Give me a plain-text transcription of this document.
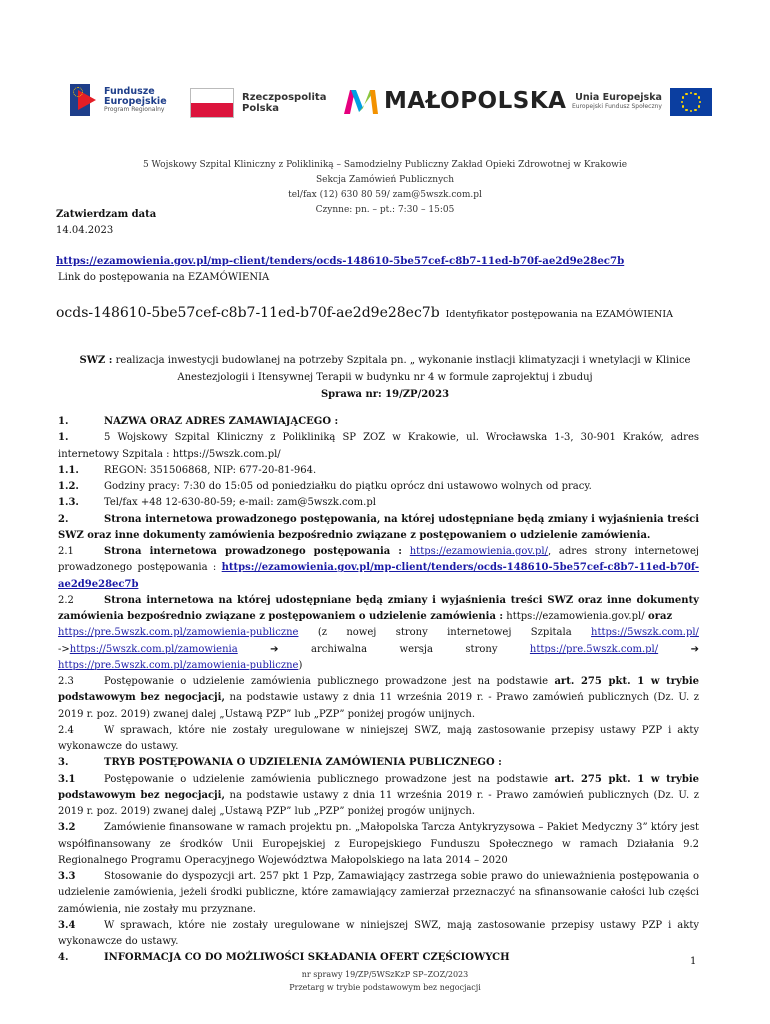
Fundusze
Europejskie
Program Regionalny
Rzeczpospolita
Polska	MAŁOPOLSKA Unia Europejska
Europejski Fundusz Społeczny
5 Wojskowy Szpital Kliniczny z Polikliniką – Samodzielny Publiczny Zakład Opieki Zdrowotnej w Krakowie
Sekcja Zamówień Publicznych
tel/fax (12) 630 80 59/ zam@5wszk.com.pl
Czynne: pn. – pt.: 7:30 – 15:05
Zatwierdzam data
14.04.2023
https://ezamowienia.gov.pl/mp-client/tenders/ocds-148610-5be57cef-c8b7-11ed-b70f-ae2d9e28ec7b
Link do postępowania na EZAMÓWIENIA
ocds-148610-5be57cef-c8b7-11ed-b70f-ae2d9e28ec7b Identyfikator postępowania na EZAMÓWIENIA
SWZ : realizacja inwestycji budowlanej na potrzeby Szpitala pn. „ wykonanie instlacji klimatyzacji i wnetylacji w Klinice
Anestezjologii i Itensywnej Terapii w budynku nr 4 w formule zaprojektuj i zbuduj
Sprawa nr: 19/ZP/2023
1.	NAZWA ORAZ ADRES ZAMAWIAJĄCEGO :
1.	5 Wojskowy Szpital Kliniczny z Polikliniką SP ZOZ w Krakowie, ul. Wrocławska 1-3, 30-901 Kraków, adres internetowy Szpitala : https://5wszk.com.pl/
1.1.	REGON: 351506868, NIP: 677-20-81-964.
1.2.	Godziny pracy: 7:30 do 15:05 od poniedziałku do piątku oprócz dni ustawowo wolnych od pracy.
1.3.	Tel/fax +48 12-630-80-59; e-mail: zam@5wszk.com.pl
2.	Strona internetowa prowadzonego postępowania, na której udostępniane będą zmiany i wyjaśnienia treści SWZ oraz inne dokumenty zamówienia bezpośrednio związane z postępowaniem o udzielenie zamówienia.
2.1	Strona internetowa prowadzonego postępowania : https://ezamowienia.gov.pl/, adres strony internetowej prowadzonego postępowania : https://ezamowienia.gov.pl/mp-client/tenders/ocds-148610-5be57cef-c8b7-11ed-b70f-ae2d9e28ec7b
2.2	Strona internetowa na której udostępniane będą zmiany i wyjaśnienia treści SWZ oraz inne dokumenty zamówienia bezpośrednio związane z postępowaniem o udzielenie zamówienia : https://ezamowienia.gov.pl/ oraz
https://pre.5wszk.com.pl/zamowienia-publiczne (z nowej strony internetowej Szpitala https://5wszk.com.pl/
->https://5wszk.com.pl/zamowienia	➔	archiwalna	wersja	strony	https://pre.5wszk.com.pl/	➔
https://pre.5wszk.com.pl/zamowienia-publiczne)
2.3	Postępowanie o udzielenie zamówienia publicznego prowadzone jest na podstawie art. 275 pkt. 1 w trybie podstawowym bez negocjacji, na podstawie ustawy z dnia 11 września 2019 r. - Prawo zamówień publicznych (Dz. U. z 2019 r. poz. 2019) zwanej dalej „Ustawą PZP” lub „PZP” poniżej progów unijnych.
2.4	W sprawach, które nie zostały uregulowane w niniejszej SWZ, mają zastosowanie przepisy ustawy PZP i akty wykonawcze do ustawy.
3.	TRYB POSTĘPOWANIA O UDZIELENIA ZAMÓWIENIA PUBLICZNEGO :
3.1	Postępowanie o udzielenie zamówienia publicznego prowadzone jest na podstawie art. 275 pkt. 1 w trybie podstawowym bez negocjacji, na podstawie ustawy z dnia 11 września 2019 r. - Prawo zamówień publicznych (Dz. U. z 2019 r. poz. 2019) zwanej dalej „Ustawą PZP” lub „PZP” poniżej progów unijnych.
3.2	Zamówienie finansowane w ramach projektu pn. „Małopolska Tarcza Antykryzysowa – Pakiet Medyczny 3” który jest współfinansowany ze środków Unii Europejskiej z Europejskiego Funduszu Społecznego w ramach Działania 9.2 Regionalnego Programu Operacyjnego Województwa Małopolskiego na lata 2014 – 2020
3.3	Stosowanie do dyspozycji art. 257 pkt 1 Pzp, Zamawiający zastrzega sobie prawo do unieważnienia postępowania o udzielenie zamówienia, jeżeli środki publiczne, które zamawiający zamierzał przeznaczyć na sfinansowanie całości lub części zamówienia, nie zostały mu przyznane.
3.4	W sprawach, które nie zostały uregulowane w niniejszej SWZ, mają zastosowanie przepisy ustawy PZP i akty wykonawcze do ustawy.
4.	INFORMACJA CO DO MOŻLIWOŚCI SKŁADANIA OFERT CZĘŚCIOWYCH	1
nr sprawy 19/ZP/5WSzKzP SP–ZOZ/2023
Przetarg w trybie podstawowym bez negocjacji
